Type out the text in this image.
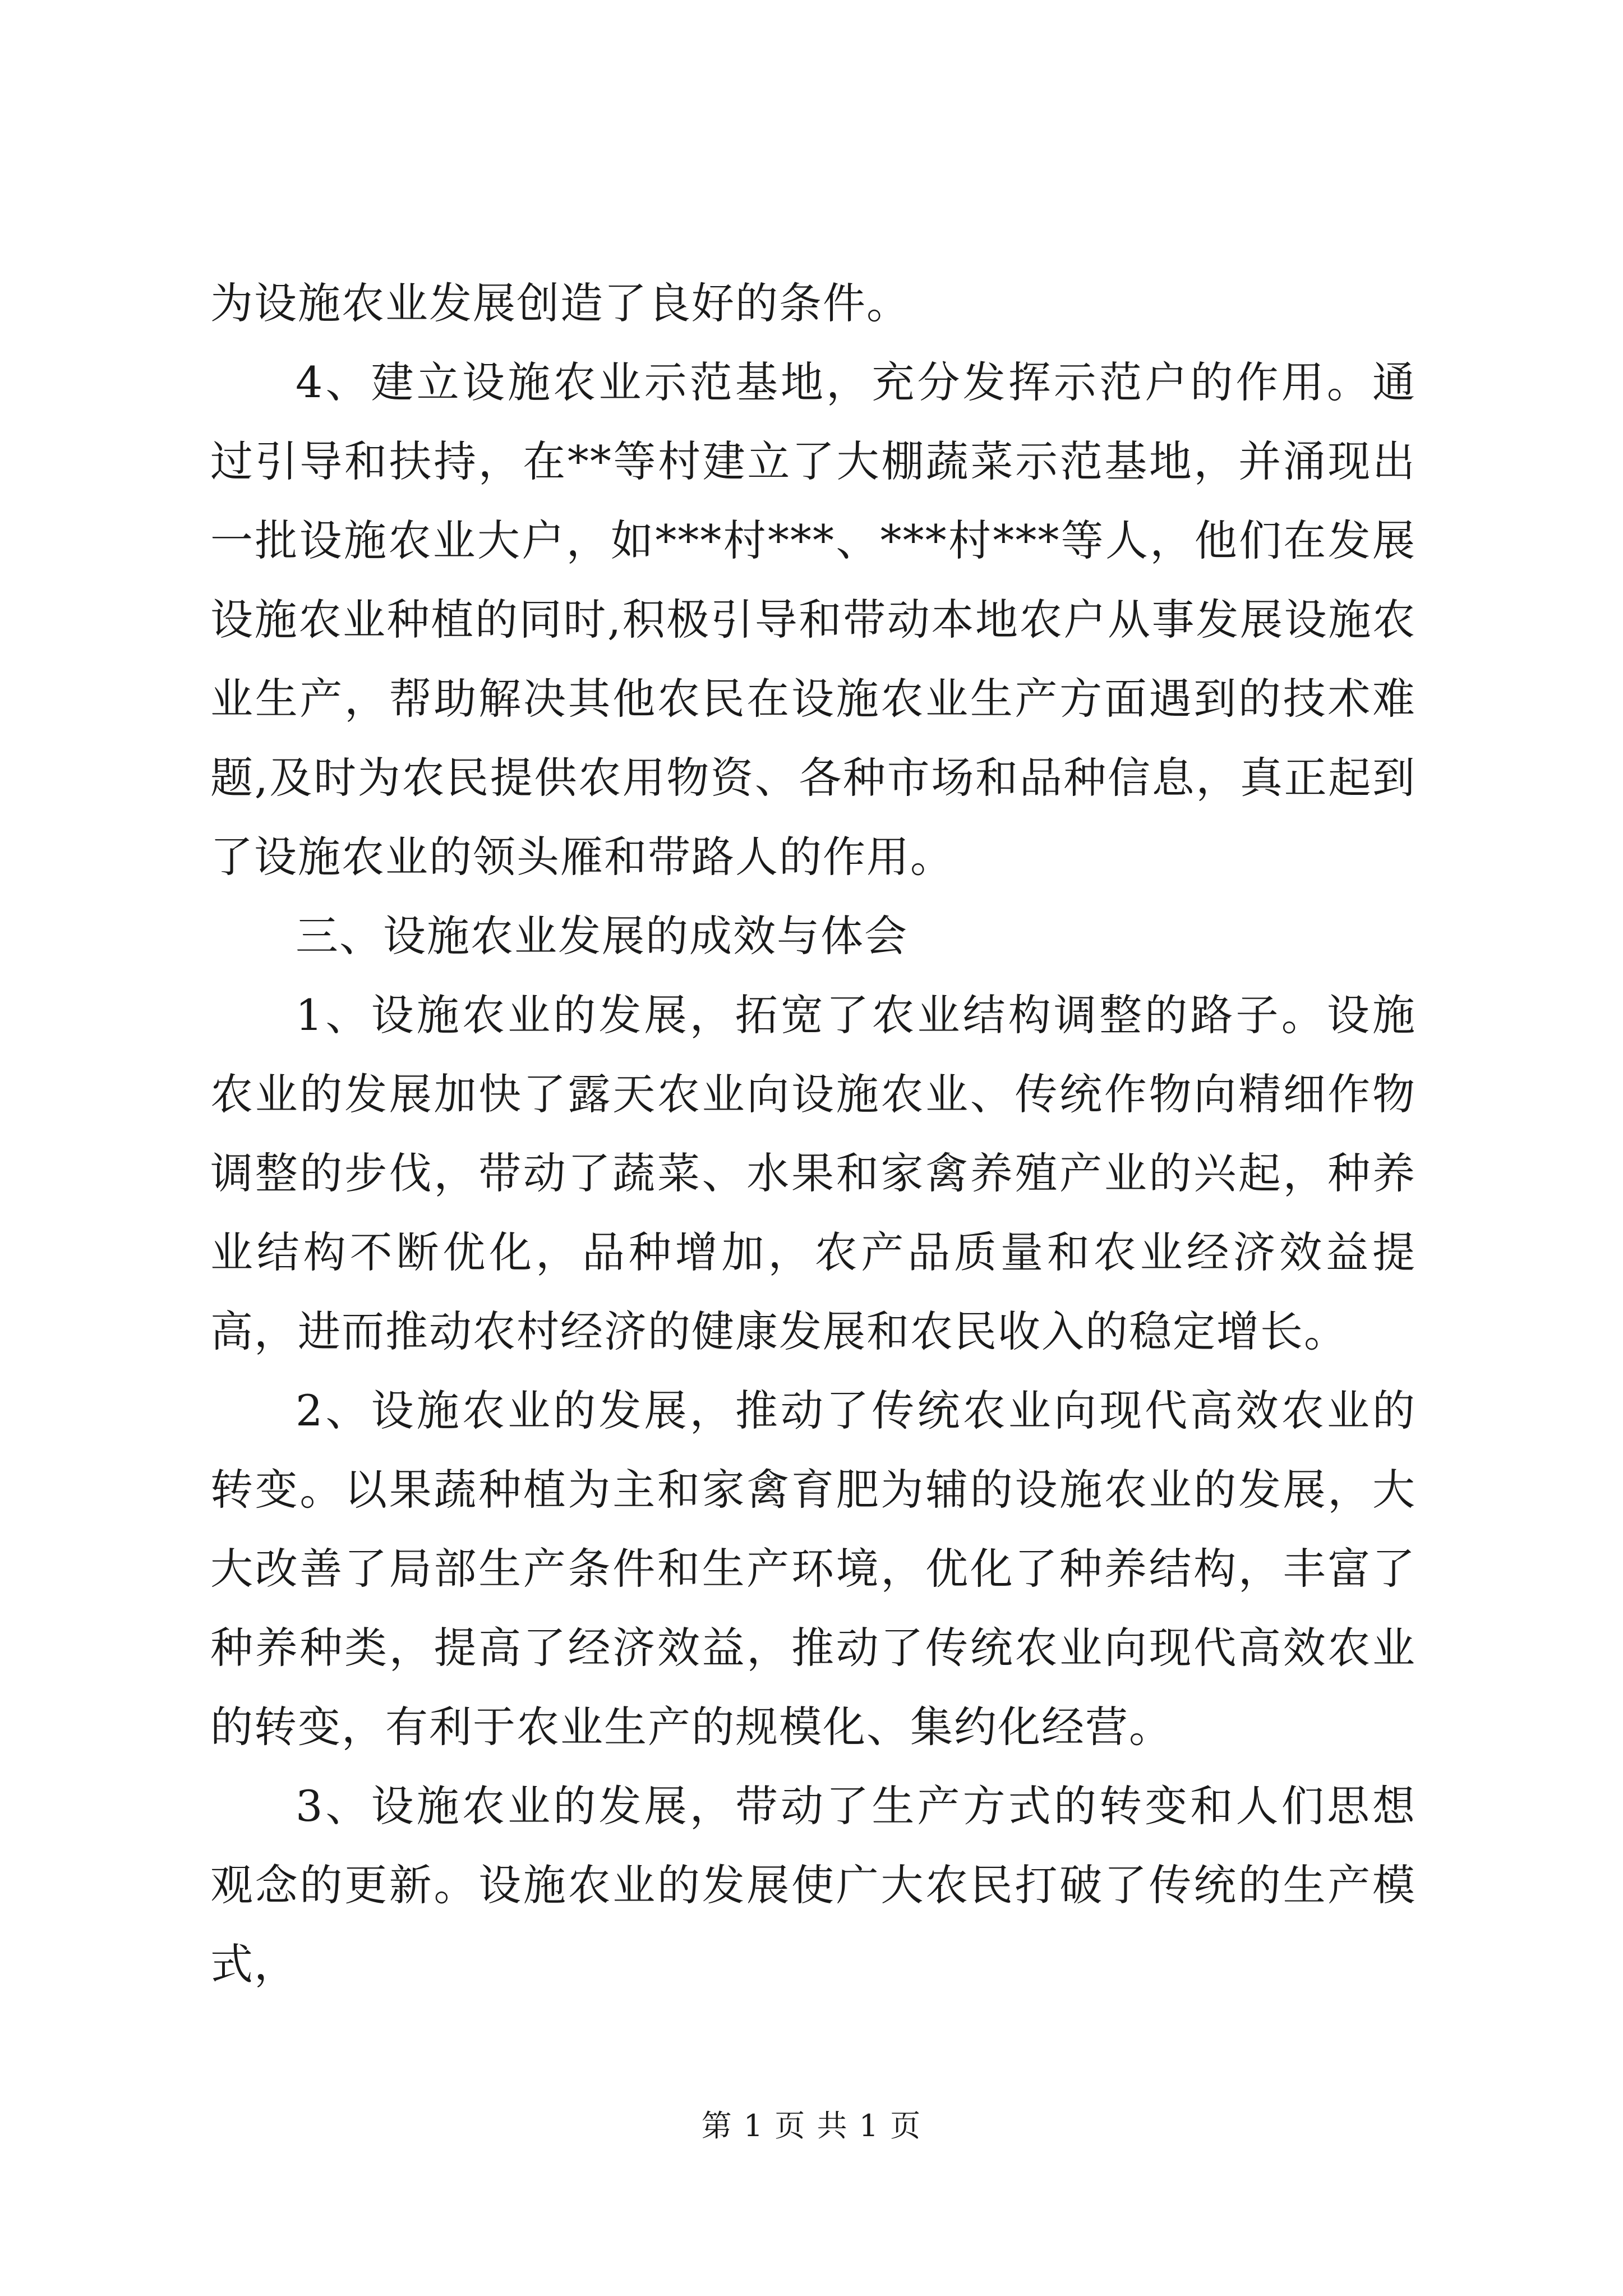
为设施农业发展创造了良好的条件。

4、建立设施农业示范基地，充分发挥示范户的作用。通过引导和扶持，在**等村建立了大棚蔬菜示范基地，并涌现出一批设施农业大户，如***村***、***村***等人，他们在发展设施农业种植的同时,积极引导和带动本地农户从事发展设施农业生产，帮助解决其他农民在设施农业生产方面遇到的技术难题,及时为农民提供农用物资、各种市场和品种信息，真正起到了设施农业的领头雁和带路人的作用。

三、设施农业发展的成效与体会

1、设施农业的发展，拓宽了农业结构调整的路子。设施农业的发展加快了露天农业向设施农业、传统作物向精细作物调整的步伐，带动了蔬菜、水果和家禽养殖产业的兴起，种养业结构不断优化，品种增加，农产品质量和农业经济效益提高，进而推动农村经济的健康发展和农民收入的稳定增长。

2、设施农业的发展，推动了传统农业向现代高效农业的转变。以果蔬种植为主和家禽育肥为辅的设施农业的发展，大大改善了局部生产条件和生产环境，优化了种养结构，丰富了种养种类，提高了经济效益，推动了传统农业向现代高效农业的转变，有利于农业生产的规模化、集约化经营。

3、设施农业的发展，带动了生产方式的转变和人们思想观念的更新。设施农业的发展使广大农民打破了传统的生产模式，

第 1 页 共 1 页
